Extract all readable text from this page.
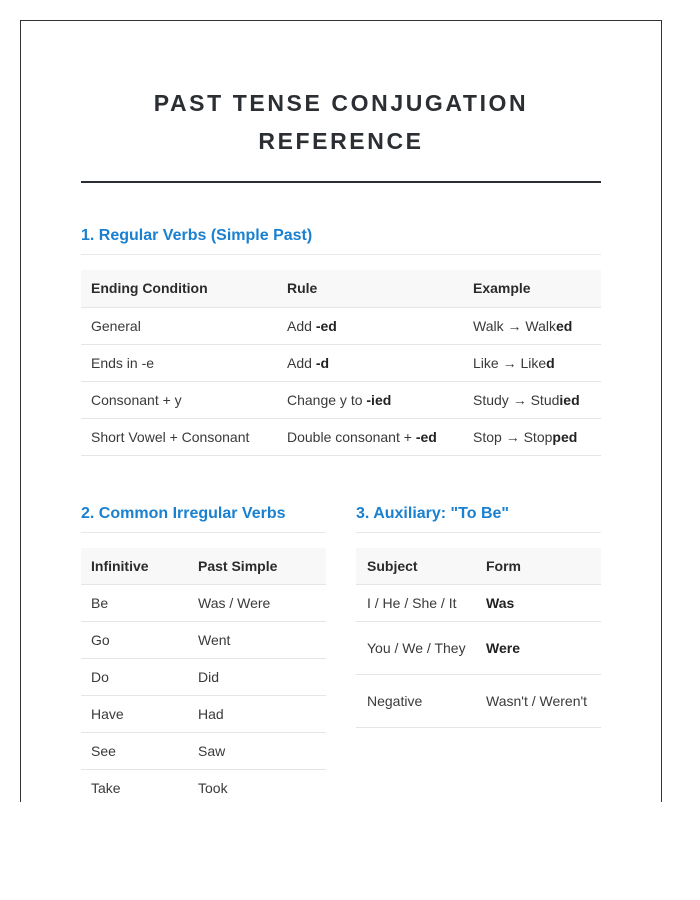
PAST TENSE CONJUGATION REFERENCE
1. Regular Verbs (Simple Past)
Ending Condition	Rule	Example
General	Add -ed	Walk → Walked
Ends in -e	Add -d	Like → Liked
Consonant + y	Change y to -ied	Study → Studied
Short Vowel + Consonant	Double consonant + -ed	Stop → Stopped
2. Common Irregular Verbs
Infinitive	Past Simple
Be	Was / Were
Go	Went
Do	Did
Have	Had
See	Saw
Take	Took
3. Auxiliary: "To Be"
Subject	Form
I / He / She / It	Was
You / We / They	Were
Negative	Wasn't / Weren't
